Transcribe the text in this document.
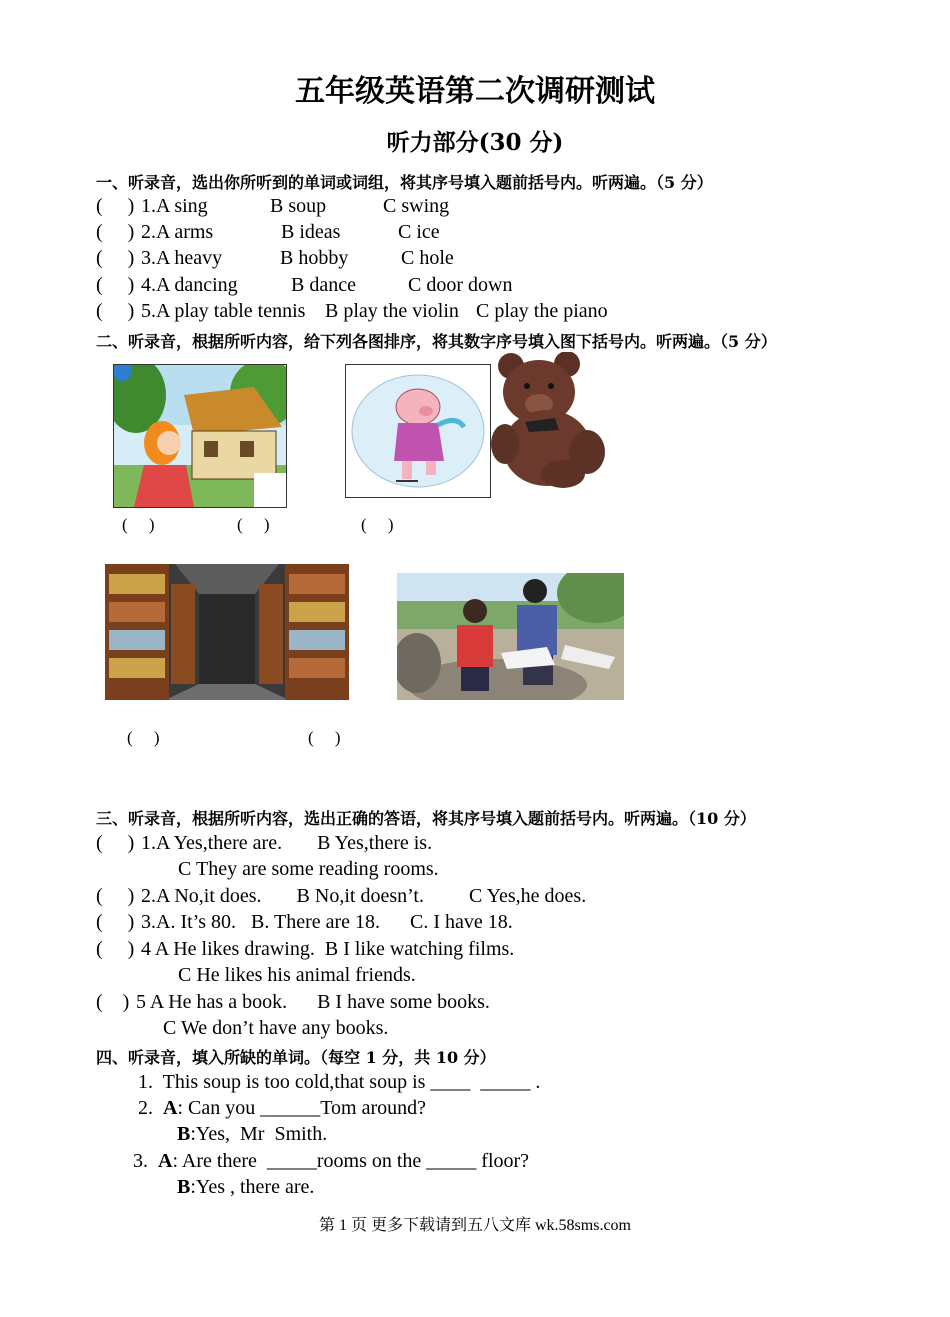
五年级英语第二次调研测试
听力部分(30 分)
一、听录音，选出你所听到的单词或词组，将其序号填入题前括号内。听两遍。（5 分）
(     ) 1.A sing	B soup	C swing
(     ) 2.A arms	B ideas	C ice
(     ) 3.A heavy	B hobby	C hole
(     ) 4.A dancing	B dance	C door down
(     ) 5.A play table tennis B play the violin C play the piano
二、听录音，根据所听内容，给下列各图排序，将其数字序号填入图下括号内。听两遍。（5 分）
(     )	(     )	(     )
(     )	(     )
三、听录音，根据所听内容，选出正确的答语，将其序号填入题前括号内。听两遍。（10 分）
(     ) 1.A Yes,there are.       B Yes,there is.
C They are some reading rooms.
(     ) 2.A No,it does.       B No,it doesn’t.         C Yes,he does.
(     ) 3.A. It’s 80.   B. There are 18.      C. I have 18.
(     ) 4 A He likes drawing.  B I like watching films.
C He likes his animal friends.
(    ) 5 A He has a book.      B I have some books.
C We don’t have any books.
四、听录音，填入所缺的单词。（每空 1 分，共 10 分）
1.  This soup is too cold,that soup is ____  _____ .
2.  A: Can you ______Tom around?
B:Yes,  Mr  Smith.
3.  A: Are there  _____rooms on the _____ floor?
B:Yes , there are.
第 1 页 更多下载请到五八文库 wk.58sms.com
